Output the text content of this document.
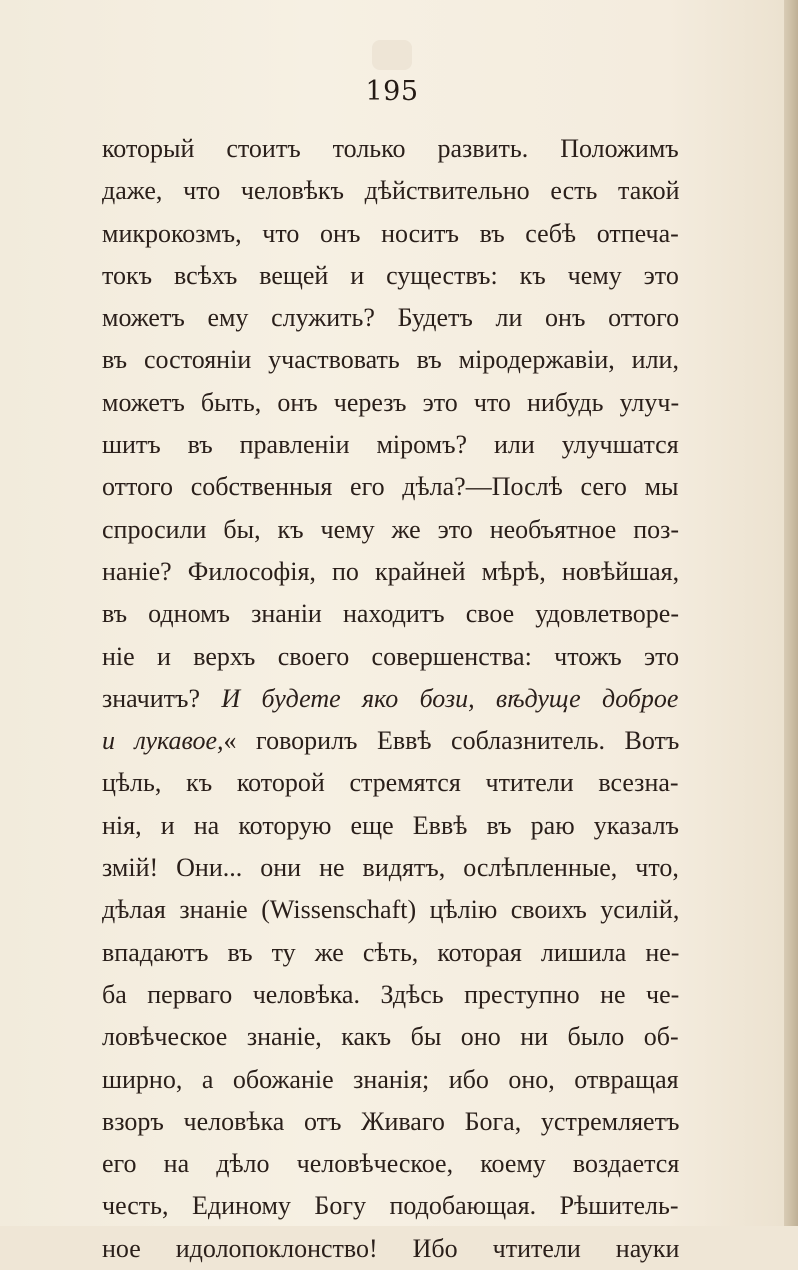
195
который стоитъ только развить. Положимъ
даже, что человѣкъ дѣйствительно есть такой
микрокозмъ, что онъ носитъ въ себѣ отпеча-
токъ всѣхъ вещей и существъ: къ чему это
можетъ ему служить? Будетъ ли онъ оттого
въ состояніи участвовать въ міродержавіи, или,
можетъ быть, онъ черезъ это что нибудь улуч-
шитъ въ правленіи міромъ? или улучшатся
оттого собственныя его дѣла?—Послѣ сего мы
спросили бы, къ чему же это необъятное поз-
наніе? Философія, по крайней мѣрѣ, новѣйшая,
въ одномъ знаніи находитъ свое удовлетворе-
ніе и верхъ своего совершенства: чтожъ это
значитъ? И будете яко бози, вѣдуще доброе
и лукавое,« говорилъ Еввѣ соблазнитель. Вотъ
цѣль, къ которой стремятся чтители всезна-
нія, и на которую еще Еввѣ въ раю указалъ
змій! Они... они не видятъ, ослѣпленные, что,
дѣлая знаніе (Wissenschaft) цѣлію своихъ усилій,
впадаютъ въ ту же сѣть, которая лишила не-
ба перваго человѣка. Здѣсь преступно не че-
ловѣческое знаніе, какъ бы оно ни было об-
ширно, а обожаніе знанія; ибо оно, отвращая
взоръ человѣка отъ Живаго Бога, устремляетъ
его на дѣло человѣческое, коему воздается
честь, Единому Богу подобающая. Рѣшитель-
ное идолопоклонство! Ибо чтители науки
